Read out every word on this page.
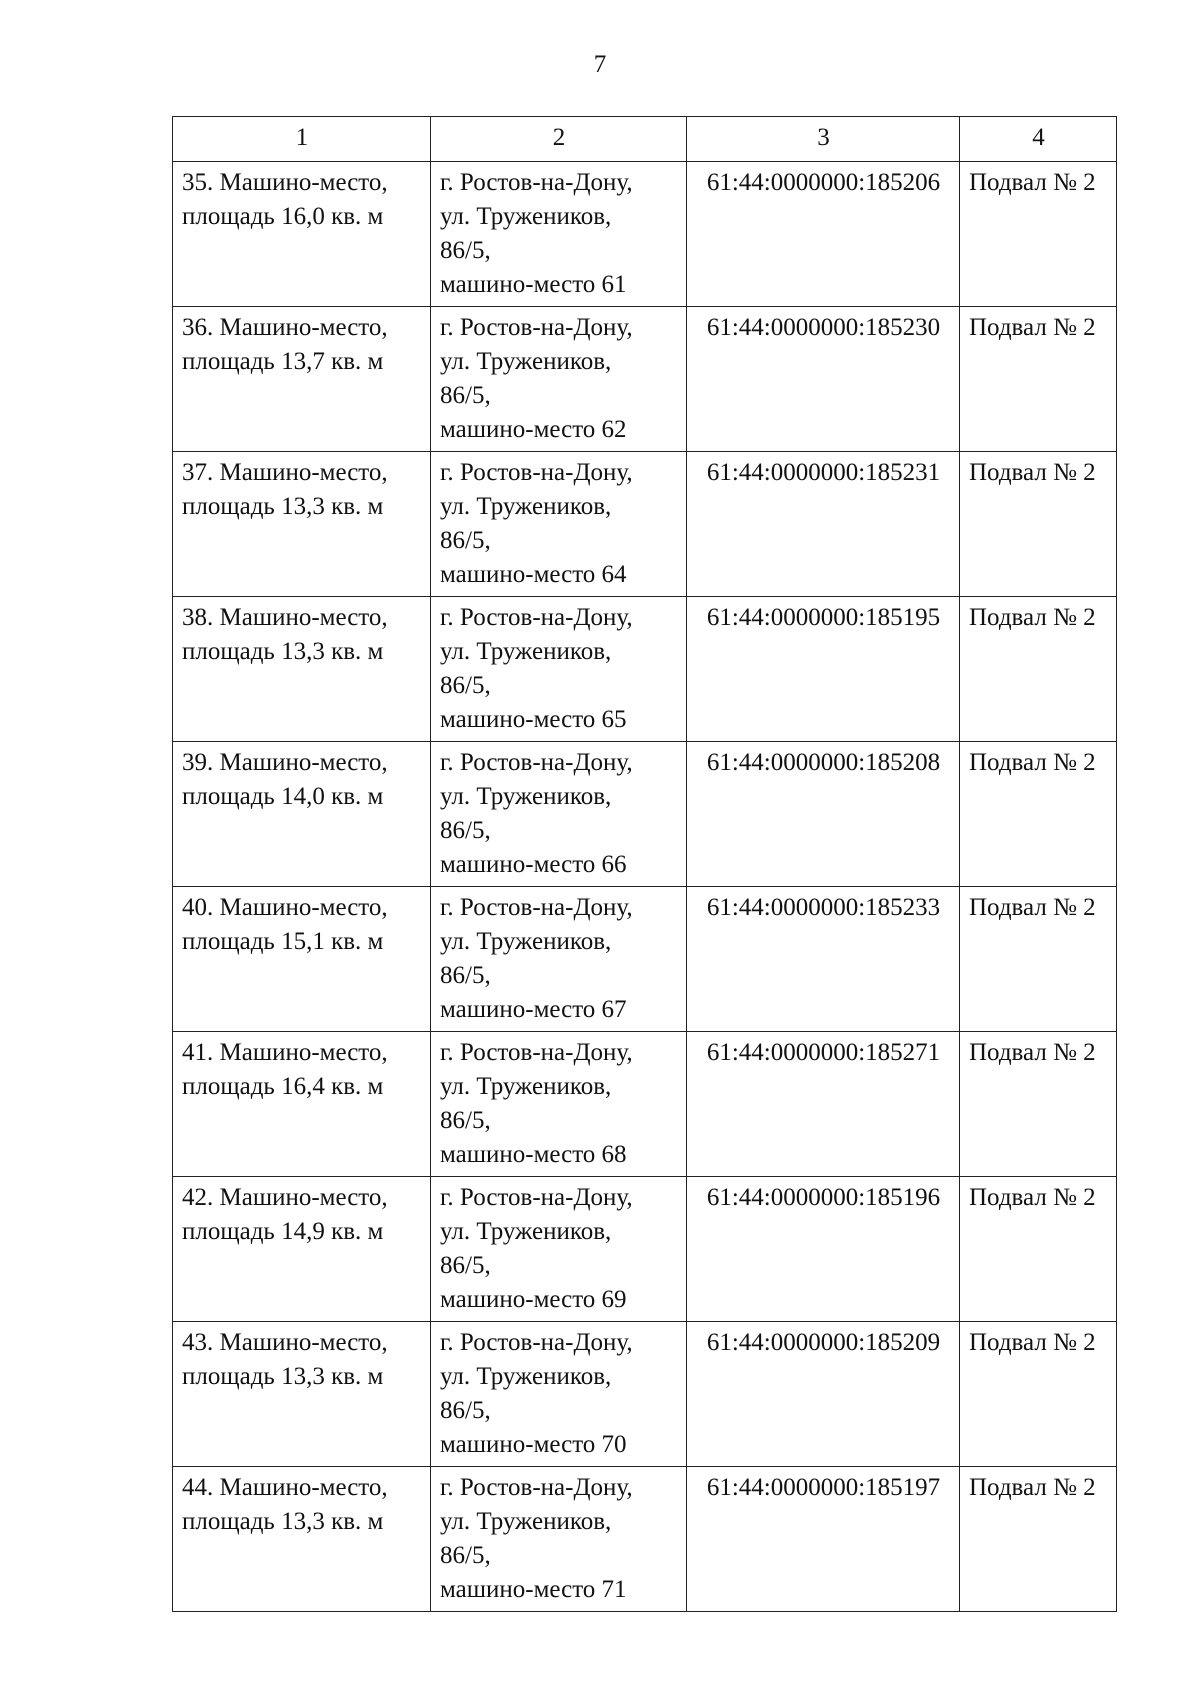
7
1	2	3	4

35. Машино-место,
площадь 16,0 кв. м	г. Ростов-на-Дону,
ул. Тружеников,
86/5,
машино-место 61	61:44:0000000:185206	Подвал № 2

36. Машино-место,
площадь 13,7 кв. м	г. Ростов-на-Дону,
ул. Тружеников,
86/5,
машино-место 62	61:44:0000000:185230	Подвал № 2

37. Машино-место,
площадь 13,3 кв. м	г. Ростов-на-Дону,
ул. Тружеников,
86/5,
машино-место 64	61:44:0000000:185231	Подвал № 2

38. Машино-место,
площадь 13,3 кв. м	г. Ростов-на-Дону,
ул. Тружеников,
86/5,
машино-место 65	61:44:0000000:185195	Подвал № 2

39. Машино-место,
площадь 14,0 кв. м	г. Ростов-на-Дону,
ул. Тружеников,
86/5,
машино-место 66	61:44:0000000:185208	Подвал № 2

40. Машино-место,
площадь 15,1 кв. м	г. Ростов-на-Дону,
ул. Тружеников,
86/5,
машино-место 67	61:44:0000000:185233	Подвал № 2

41. Машино-место,
площадь 16,4 кв. м	г. Ростов-на-Дону,
ул. Тружеников,
86/5,
машино-место 68	61:44:0000000:185271	Подвал № 2

42. Машино-место,
площадь 14,9 кв. м	г. Ростов-на-Дону,
ул. Тружеников,
86/5,
машино-место 69	61:44:0000000:185196	Подвал № 2

43. Машино-место,
площадь 13,3 кв. м	г. Ростов-на-Дону,
ул. Тружеников,
86/5,
машино-место 70	61:44:0000000:185209	Подвал № 2

44. Машино-место,
площадь 13,3 кв. м	г. Ростов-на-Дону,
ул. Тружеников,
86/5,
машино-место 71	61:44:0000000:185197	Подвал № 2
